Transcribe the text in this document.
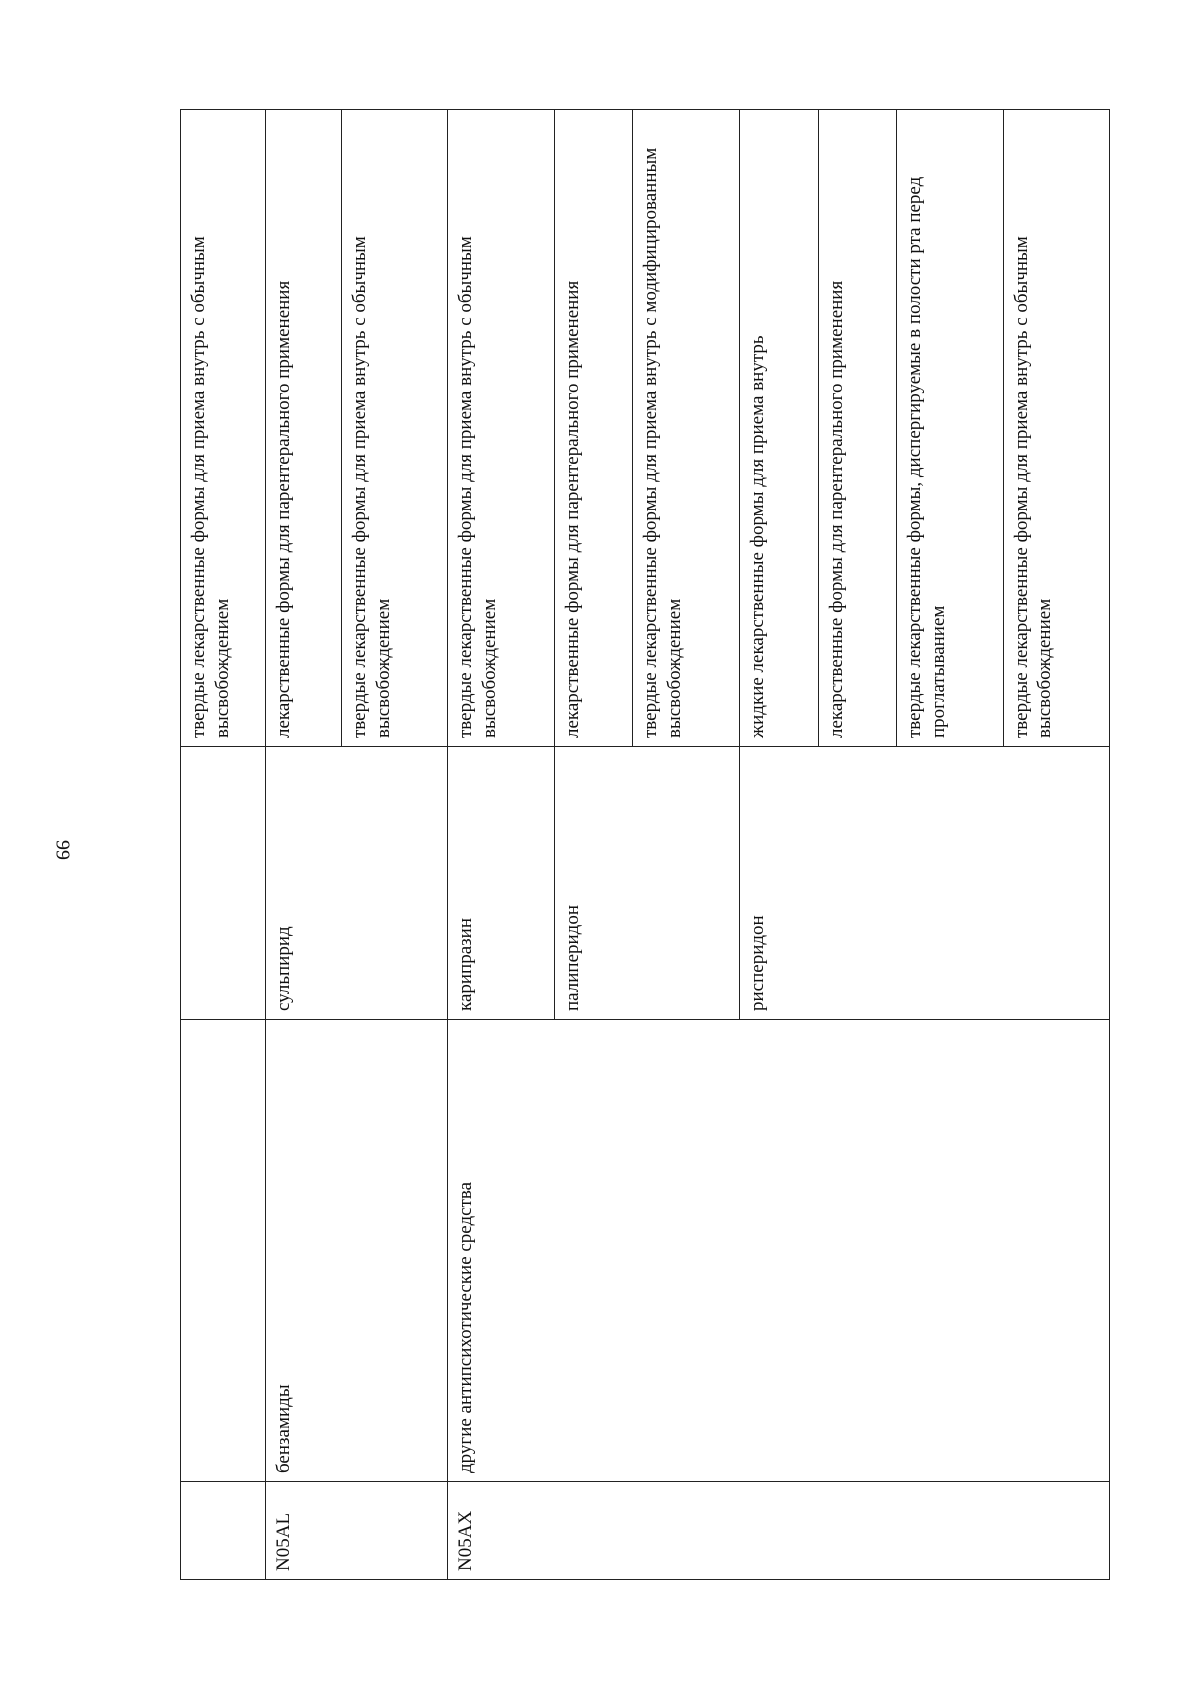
99
			твердые лекарственные формы для приема внутрь с обычным высвобождением
N05AL	бензамиды	сульпирид	лекарственные формы для парентерального применения
			твердые лекарственные формы для приема внутрь с обычным высвобождением
N05AX	другие антипсихотические средства	карипразин	твердые лекарственные формы для приема внутрь с обычным высвобождением
		палиперидон	лекарственные формы для парентерального применения
			твердые лекарственные формы для приема внутрь с модифицированным высвобождением
		рисперидон	жидкие лекарственные формы для приема внутрь
			лекарственные формы для парентерального применения
			твердые лекарственные формы, диспергируемые в полости рта перед проглатыванием
			твердые лекарственные формы для приема внутрь с обычным высвобождением
